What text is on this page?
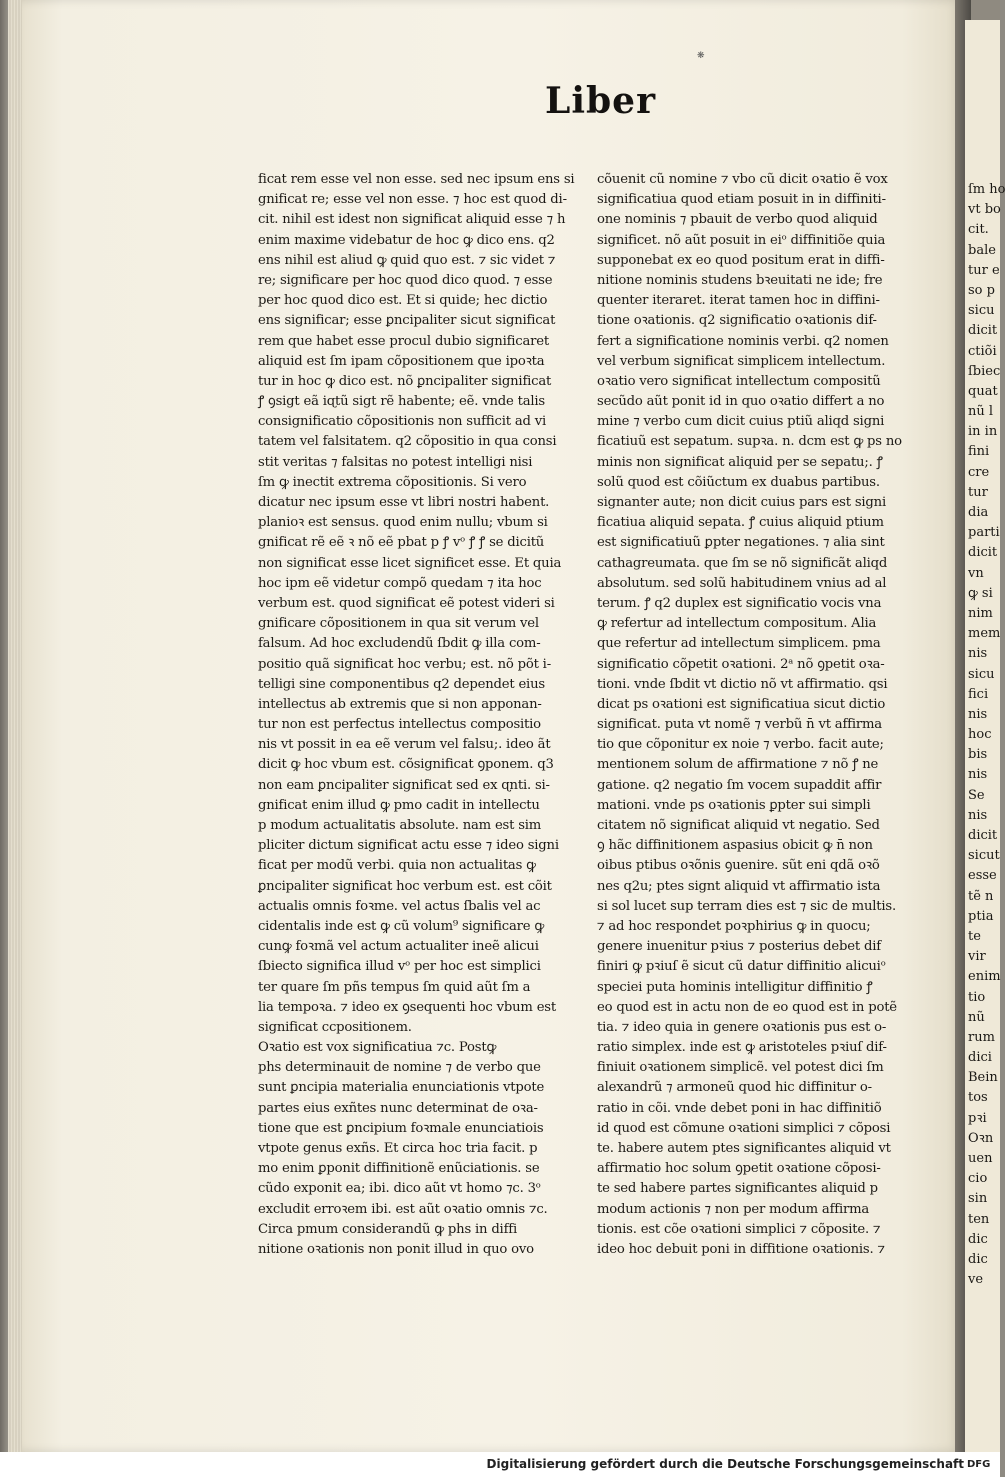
❋
Liber
ficat rem esse vel non esse. sed nec ipsum ens si
gnificat re; esse vel non esse. ⁊ hoc est quod di-
cit. nihil est idest non significat aliquid esse ⁊ h
enim maxime videbatur de hoc ꝙ dico ens. q2
ens nihil est aliud ꝙ quid quo est. ⁊ sic videt ⁊
re; significare per hoc quod dico quod. ⁊ esse
per hoc quod dico est. Et si quide; hec dictio
ens significar; esse ꝑncipaliter sicut significat
rem que habet esse procul dubio significaret
aliquid est ſm ipam cõpositionem que ipoꝛta
tur in hoc ꝙ dico est. nõ ꝑncipaliter significat
ꝭ ꝯsigt eã iɋtũ sigt rẽ habente; eẽ. vnde talis
consignificatio cõpositionis non sufficit ad vi
tatem vel falsitatem. q2 cõpositio in qua consi
stit veritas ⁊ falsitas no potest intelligi nisi
ſm ꝙ inectit extrema cõpositionis. Si vero
dicatur nec ipsum esse vt libri nostri habent.
planioꝛ est sensus. quod enim nullu; vbum si
gnificat rẽ eẽ ꝛ nõ eẽ pbat p ꝭ vᵒ ꝭ ꝭ se dicitũ
non significat esse licet significet esse. Et quia
hoc ipm eẽ videtur compõ quedam ⁊ ita hoc
verbum est. quod significat eẽ potest videri si
gnificare cõpositionem in qua sit verum vel
falsum. Ad hoc excludendũ ſbdit ꝙ illa com-
positio quã significat hoc verbu; est. nõ põt i-
telligi sine componentibus q2 dependet eius
intellectus ab extremis que si non apponan-
tur non est perfectus intellectus compositio
nis vt possit in ea eẽ verum vel falsu;. ideo ãt
dicit ꝙ hoc vbum est. cõsignificat ꝯponem. q3
non eam ꝑncipaliter significat sed ex ɋnti. si-
gnificat enim illud ꝙ pmo cadit in intellectu
p modum actualitatis absolute. nam est sim
pliciter dictum significat actu esse ⁊ ideo signi
ficat per modũ verbi. quia non actualitas ꝙ
ꝑncipaliter significat hoc verbum est. est cõit
actualis omnis foꝛme. vel actus ſbalis vel ac
cidentalis inde est ꝙ cũ volum⁹ significare ꝙ
cunꝙ foꝛmã vel actum actualiter ineẽ alicui
ſbiecto significa illud vᵒ per hoc est simplici
ter quare ſm pñs tempus ſm quid aũt ſm a
lia tempoꝛa. ⁊ ideo ex ꝯsequenti hoc vbum est
significat ccpositionem.
Oꝛatio est vox significatiua ⁊c. Postꝙ
phs determinauit de nomine ⁊ de verbo que
sunt ꝑncipia materialia enunciationis vtpote
partes eius exñtes nunc determinat de oꝛa-
tione que est ꝑncipium foꝛmale enunciatiois
vtpote genus exñs. Et circa hoc tria facit. p
mo enim ꝑponit diffinitionẽ enũciationis. se
cũdo exponit ea; ibi. dico aũt vt homo ⁊c. 3ᵒ
excludit erroꝛem ibi. est aũt oꝛatio omnis ⁊c.
Circa pmum considerandũ ꝙ phs in diffi
nitione oꝛationis non ponit illud in quo ovo
cõuenit cũ nomine ⁊ vbo cũ dicit oꝛatio ẽ vox
significatiua quod etiam posuit in in diffiniti-
one nominis ⁊ pbauit de verbo quod aliquid
significet. nõ aũt posuit in eiᵒ diffinitiõe quia
supponebat ex eo quod positum erat in diffi-
nitione nominis studens bꝛeuitati ne ide; fre
quenter iteraret. iterat tamen hoc in diffini-
tione oꝛationis. q2 significatio oꝛationis dif-
fert a significatione nominis verbi. q2 nomen
vel verbum significat simplicem intellectum.
oꝛatio vero significat intellectum compositũ
secũdo aũt ponit id in quo oꝛatio differt a no
mine ⁊ verbo cum dicit cuius ptiũ aliqd signi
ficatiuũ est sepatum. supꝛa. n. dcm est ꝙ ps no
minis non significat aliquid per se sepatu;. ꝭ
solũ quod est cõiũctum ex duabus partibus.
signanter aute; non dicit cuius pars est signi
ficatiua aliquid sepata. ꝭ cuius aliquid ptium
est significatiuũ ꝑpter negationes. ⁊ alia sint
cathagreumata. que ſm se nõ significãt aliqd
absolutum. sed solũ habitudinem vnius ad al
terum. ꝭ q2 duplex est significatio vocis vna
ꝙ refertur ad intellectum compositum. Alia
que refertur ad intellectum simplicem. pma
significatio cõpetit oꝛationi. 2ᵃ nõ ꝯpetit oꝛa-
tioni. vnde ſbdit vt dictio nõ vt affirmatio. qsi
dicat ps oꝛationi est significatiua sicut dictio
significat. puta vt nomẽ ⁊ verbũ n̄ vt affirma
tio que cõponitur ex noie ⁊ verbo. facit aute;
mentionem solum de affirmatione ⁊ nõ ꝭ ne
gatione. q2 negatio ſm vocem supaddit affir
mationi. vnde ps oꝛationis ꝑpter sui simpli
citatem nõ significat aliquid vt negatio. Sed
ꝯ hãc diffinitionem aspasius obicit ꝙ n̄ non
oibus ptibus oꝛõnis ꝯuenire. sũt eni qdã oꝛõ
nes q2u; ptes signt aliquid vt affirmatio ista
si sol lucet sup terram dies est ⁊ sic de multis.
⁊ ad hoc respondet poꝛphirius ꝙ in quocu;
genere inuenitur pꝛius ⁊ posterius debet dif
finiri ꝙ pꝛiuſ ẽ sicut cũ datur diffinitio alicuiᵒ
speciei puta hominis intelligitur diffinitio ꝭ
eo quod est in actu non de eo quod est in potẽ
tia. ⁊ ideo quia in genere oꝛationis pus est o-
ratio simplex. inde est ꝙ aristoteles pꝛiuſ dif-
finiuit oꝛationem simplicẽ. vel potest dici ſm
alexandrũ ⁊ armoneũ quod hic diffinitur o-
ratio in cõi. vnde debet poni in hac diffinitiõ
id quod est cõmune oꝛationi simplici ⁊ cõposi
te. habere autem ptes significantes aliquid vt
affirmatio hoc solum ꝯpetit oꝛatione cõposi-
te sed habere partes significantes aliquid p
modum actionis ⁊ non per modum affirma
tionis. est cõe oꝛationi simplici ⁊ cõposite. ⁊
ideo hoc debuit poni in diffitione oꝛationis. ⁊
ſm ho
vt bo
cit.
bale
tur e
so p
sicu
dicit
ctiõi
ſbiec
quat
nũ l
in in
fini
cre
tur
dia
parti
dicit
vn
ꝙ si
nim
mem
nis
sicu
fici
nis
hoc
bis
nis
Se
nis
dicit
sicut
esse
tẽ n
ptia
te
vir
enim
tio
nũ
rum
dici
Bein
tos
pꝛi
Oꝛn
uen
cio
sin
ten
dic
dic
ve
Digitalisierung gefördert durch die Deutsche Forschungsgemeinschaft DFG
